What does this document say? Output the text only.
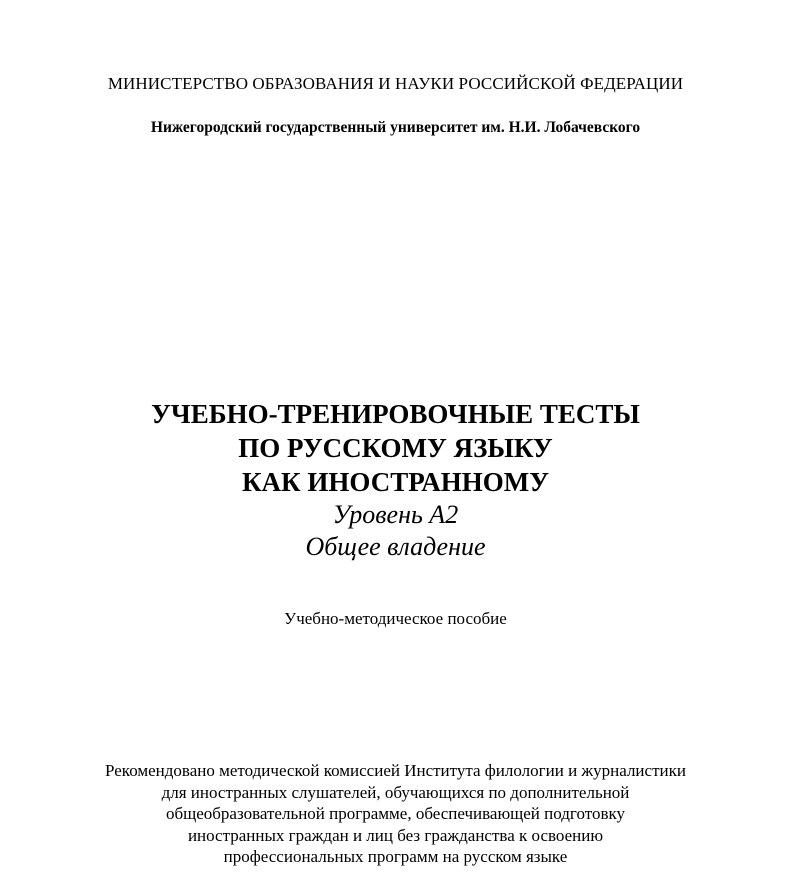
МИНИСТЕРСТВО ОБРАЗОВАНИЯ И НАУКИ РОССИЙСКОЙ ФЕДЕРАЦИИ
Нижегородский государственный университет им. Н.И. Лобачевского
УЧЕБНО-ТРЕНИРОВОЧНЫЕ ТЕСТЫ
ПО РУССКОМУ ЯЗЫКУ
КАК ИНОСТРАННОМУ
Уровень А2
Общее владение
Учебно-методическое пособие
Рекомендовано методической комиссией Института филологии и журналистики
для иностранных слушателей, обучающихся по дополнительной
общеобразовательной программе, обеспечивающей подготовку
иностранных граждан и лиц без гражданства к освоению
профессиональных программ на русском языке
